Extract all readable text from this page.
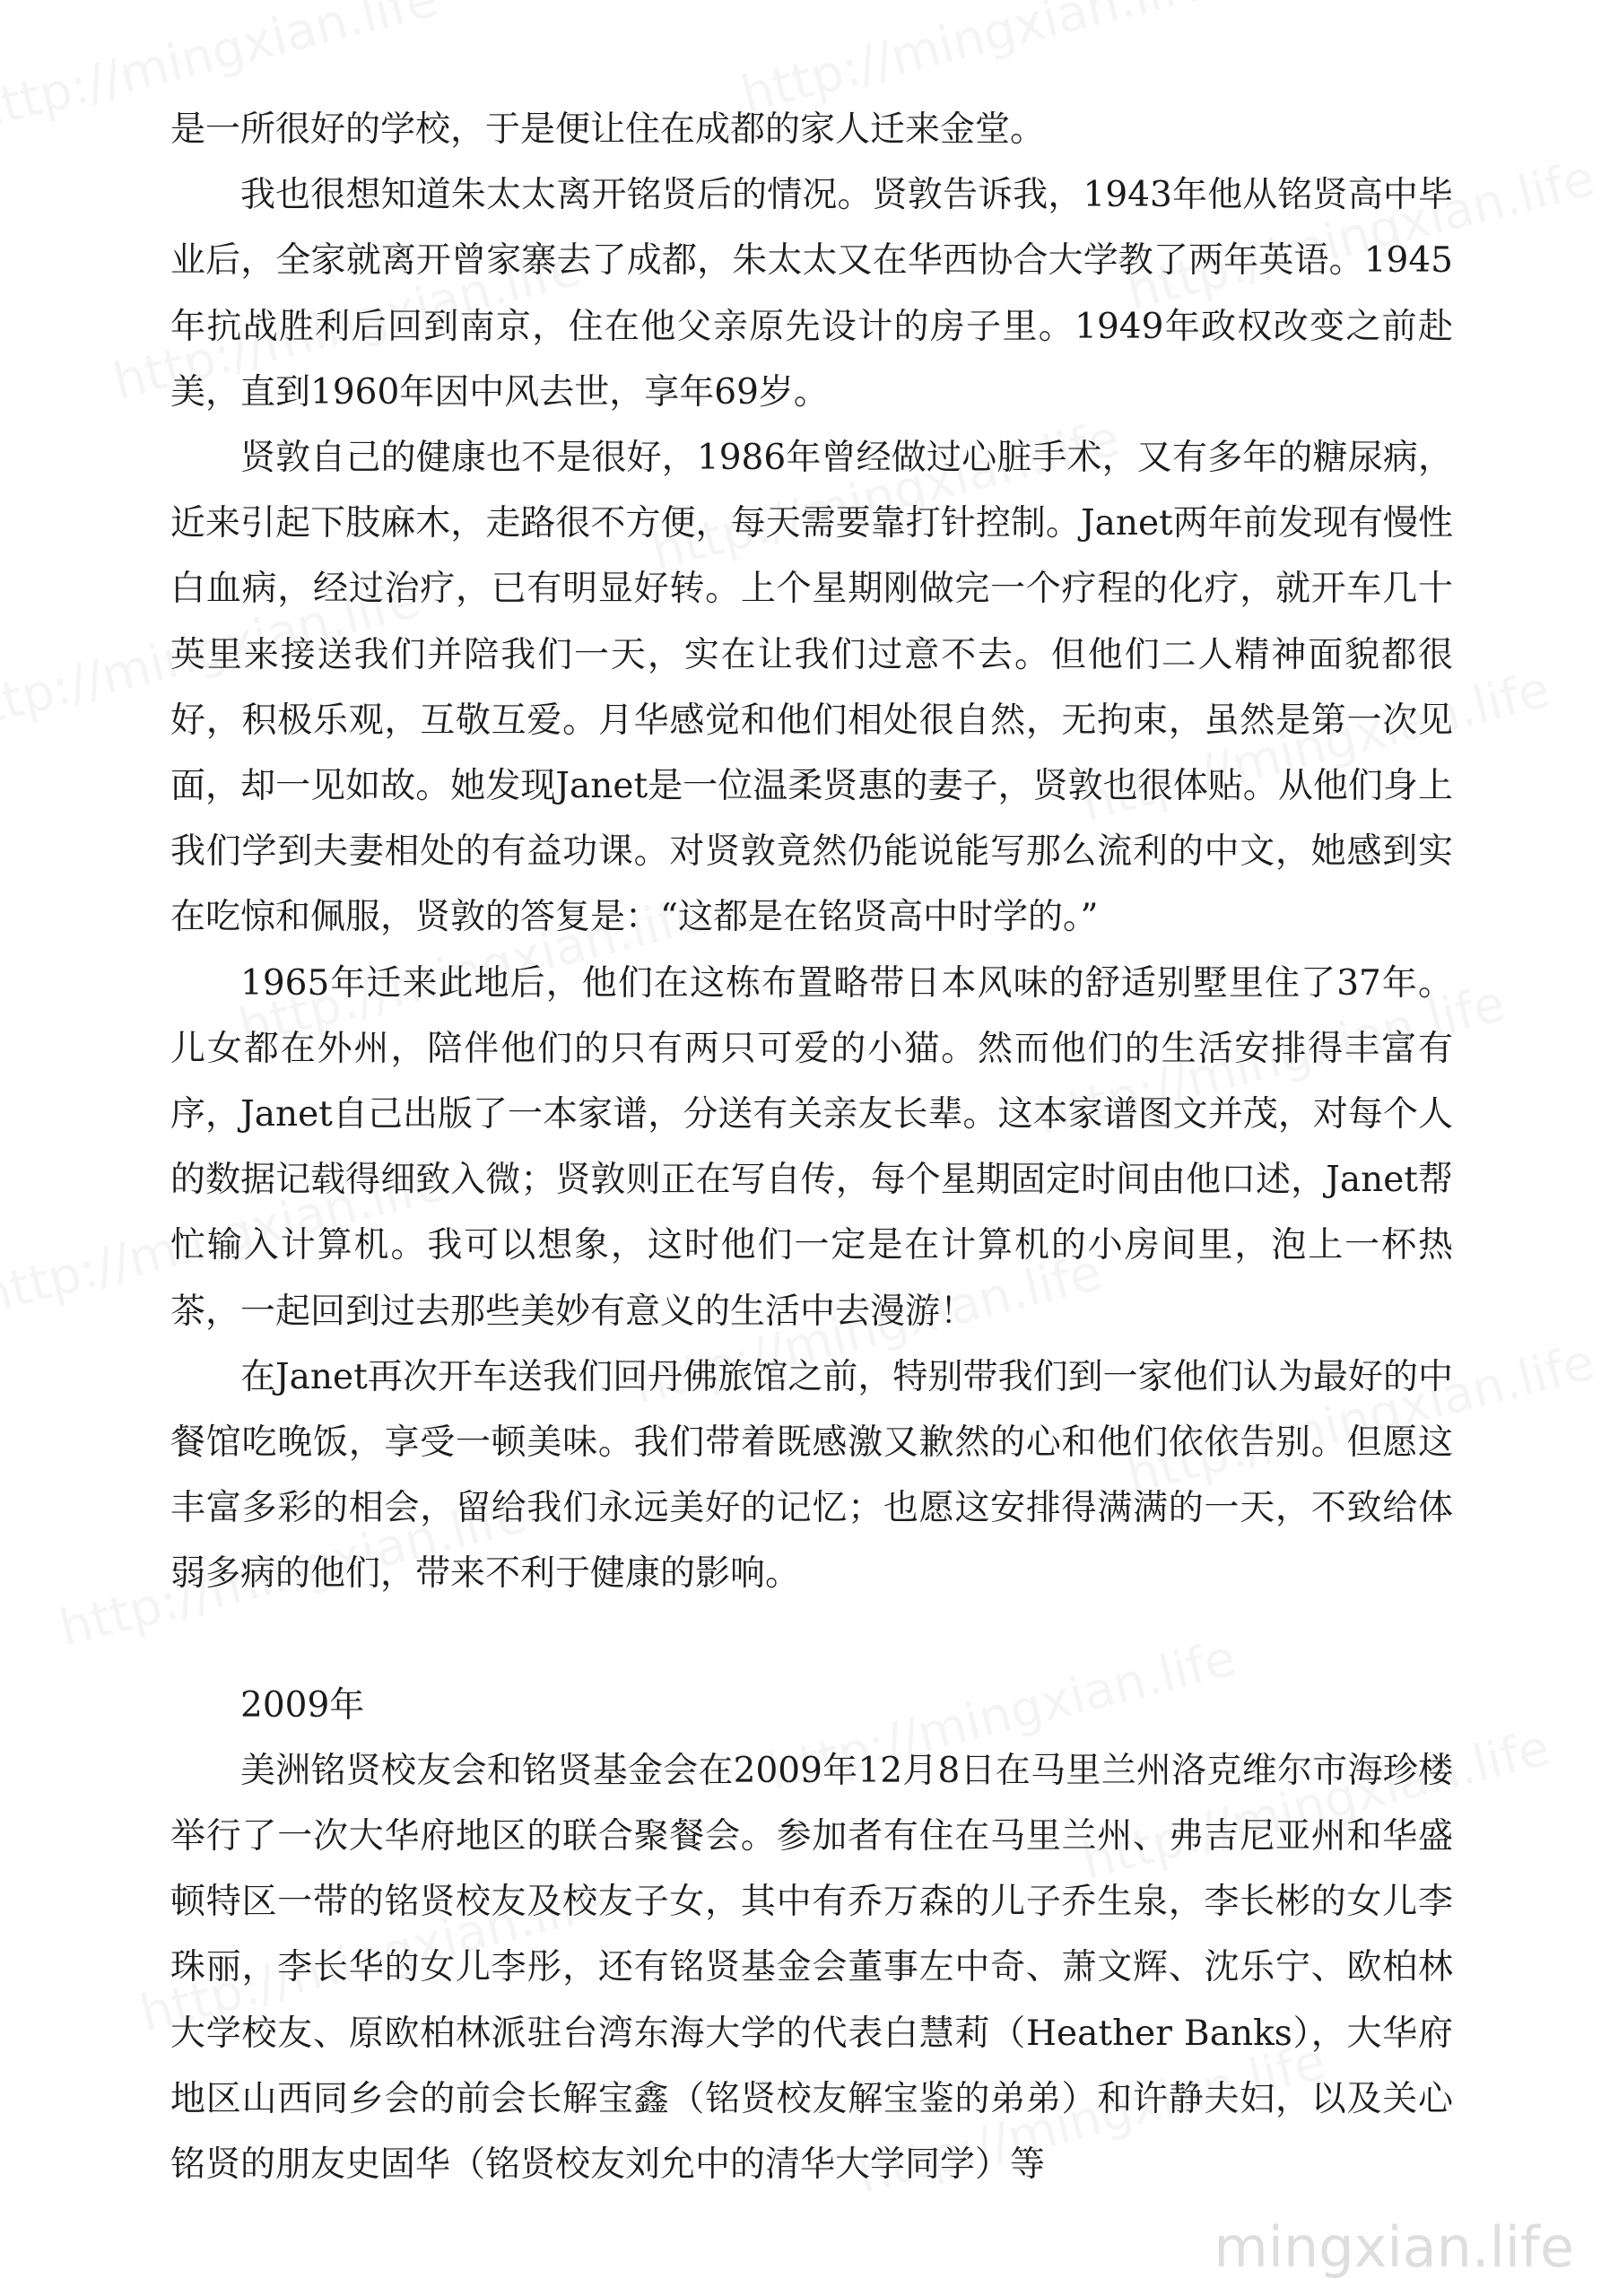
是一所很好的学校，于是便让住在成都的家人迁来金堂。

我也很想知道朱太太离开铭贤后的情况。贤敦告诉我，1943年他从铭贤高中毕业后，全家就离开曾家寨去了成都，朱太太又在华西协合大学教了两年英语。1945年抗战胜利后回到南京，住在他父亲原先设计的房子里。1949年政权改变之前赴美，直到1960年因中风去世，享年69岁。

贤敦自己的健康也不是很好，1986年曾经做过心脏手术，又有多年的糖尿病，近来引起下肢麻木，走路很不方便，每天需要靠打针控制。Janet两年前发现有慢性白血病，经过治疗，已有明显好转。上个星期刚做完一个疗程的化疗，就开车几十英里来接送我们并陪我们一天，实在让我们过意不去。但他们二人精神面貌都很好，积极乐观，互敬互爱。月华感觉和他们相处很自然，无拘束，虽然是第一次见面，却一见如故。她发现Janet是一位温柔贤惠的妻子，贤敦也很体贴。从他们身上我们学到夫妻相处的有益功课。对贤敦竟然仍能说能写那么流利的中文，她感到实在吃惊和佩服，贤敦的答复是：“这都是在铭贤高中时学的。”

1965年迁来此地后，他们在这栋布置略带日本风味的舒适别墅里住了37年。儿女都在外州，陪伴他们的只有两只可爱的小猫。然而他们的生活安排得丰富有序，Janet自己出版了一本家谱，分送有关亲友长辈。这本家谱图文并茂，对每个人的数据记载得细致入微；贤敦则正在写自传，每个星期固定时间由他口述，Janet帮忙输入计算机。我可以想象，这时他们一定是在计算机的小房间里，泡上一杯热茶，一起回到过去那些美妙有意义的生活中去漫游！

在Janet再次开车送我们回丹佛旅馆之前，特别带我们到一家他们认为最好的中餐馆吃晚饭，享受一顿美味。我们带着既感激又歉然的心和他们依依告别。但愿这丰富多彩的相会，留给我们永远美好的记忆；也愿这安排得满满的一天，不致给体弱多病的他们，带来不利于健康的影响。

2009年

美洲铭贤校友会和铭贤基金会在2009年12月8日在马里兰州洛克维尔市海珍楼举行了一次大华府地区的联合聚餐会。参加者有住在马里兰州、弗吉尼亚州和华盛顿特区一带的铭贤校友及校友子女，其中有乔万森的儿子乔生泉，李长彬的女儿李珠丽，李长华的女儿李彤，还有铭贤基金会董事左中奇、萧文辉、沈乐宁、欧柏林大学校友、原欧柏林派驻台湾东海大学的代表白慧莉（Heather Banks），大华府地区山西同乡会的前会长解宝鑫（铭贤校友解宝鉴的弟弟）和许静夫妇，以及关心铭贤的朋友史固华（铭贤校友刘允中的清华大学同学）等

mingxian.life
